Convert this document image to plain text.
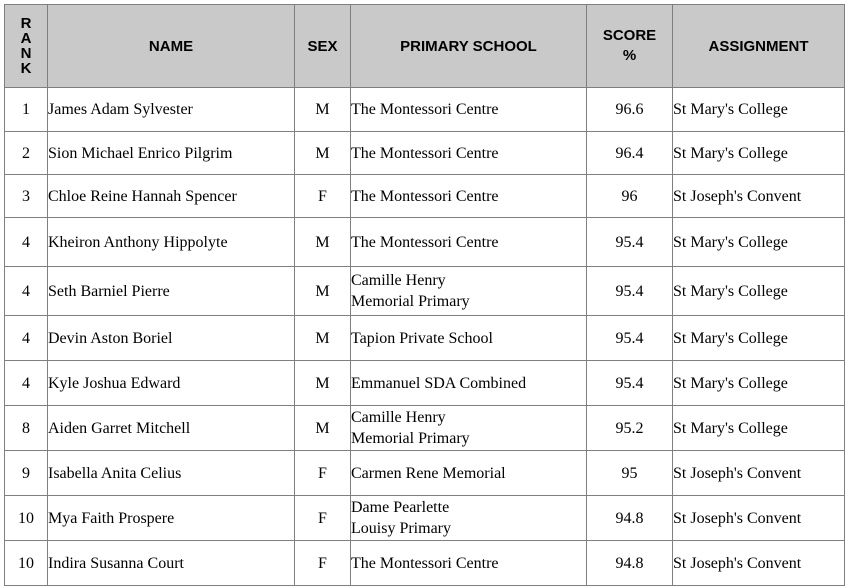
R
A
N
K	NAME	SEX	PRIMARY SCHOOL	SCORE
%	ASSIGNMENT
1	James Adam Sylvester	M	The Montessori Centre	96.6	St Mary's College
2	Sion Michael Enrico Pilgrim	M	The Montessori Centre	96.4	St Mary's College
3	Chloe Reine Hannah Spencer	F	The Montessori Centre	96	St Joseph's Convent
4	Kheiron Anthony Hippolyte	M	The Montessori Centre	95.4	St Mary's College
4	Seth Barniel Pierre	M	Camille Henry
Memorial Primary	95.4	St Mary's College
4	Devin Aston Boriel	M	Tapion Private School	95.4	St Mary's College
4	Kyle Joshua Edward	M	Emmanuel SDA Combined	95.4	St Mary's College
8	Aiden Garret Mitchell	M	Camille Henry
Memorial Primary	95.2	St Mary's College
9	Isabella Anita Celius	F	Carmen Rene Memorial	95	St Joseph's Convent
10	Mya Faith Prospere	F	Dame Pearlette
Louisy Primary	94.8	St Joseph's Convent
10	Indira Susanna Court	F	The Montessori Centre	94.8	St Joseph's Convent
